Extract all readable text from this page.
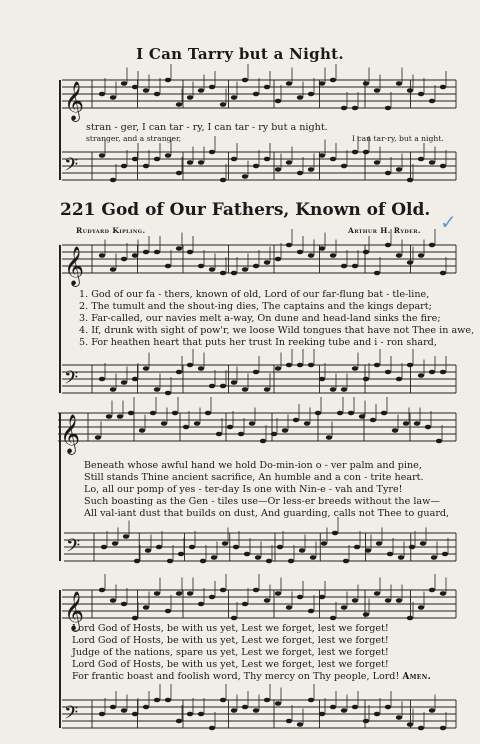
I Can Tarry but a Night.
𝄞
𝄢
𝄞
𝄢
𝄞
𝄢
𝄞
𝄢
stran - ger, I can tar - ry, I can tar - ry but a night.
stranger, and a stranger,	I can tar-ry, but a night.
221 God of Our Fathers, Known of Old. ✓
Rudyard Kipling.	Arthur H. Ryder.
1. God of our fa - thers, known of old, Lord of our far-flung bat - tle-line,
2. The tumult and the shout-ing dies, The captains and the kings depart;
3. Far-called, our navies melt a-way, On dune and head-land sinks the fire;
4. If, drunk with sight of pow'r, we loose Wild tongues that have not Thee in awe,
5. For heathen heart that puts her trust In reeking tube and i - ron shard,
Beneath whose awful hand we hold Do-min-ion o - ver palm and pine,
Still stands Thine ancient sacrifice, An humble and a con - trite heart.
Lo, all our pomp of yes - ter-day Is one with Nin-e - vah and Tyre!
Such boasting as the Gen - tiles use—Or less-er breeds without the law—
All val-iant dust that builds on dust, And guarding, calls not Thee to guard,
Lord God of Hosts, be with us yet, Lest we forget, lest we forget!
Lord God of Hosts, be with us yet, Lest we forget, lest we forget!
Judge of the nations, spare us yet, Lest we forget, lest we forget!
Lord God of Hosts, be with us yet, Lest we forget, lest we forget!
For frantic boast and foolish word, Thy mercy on Thy people, Lord! Amen.
